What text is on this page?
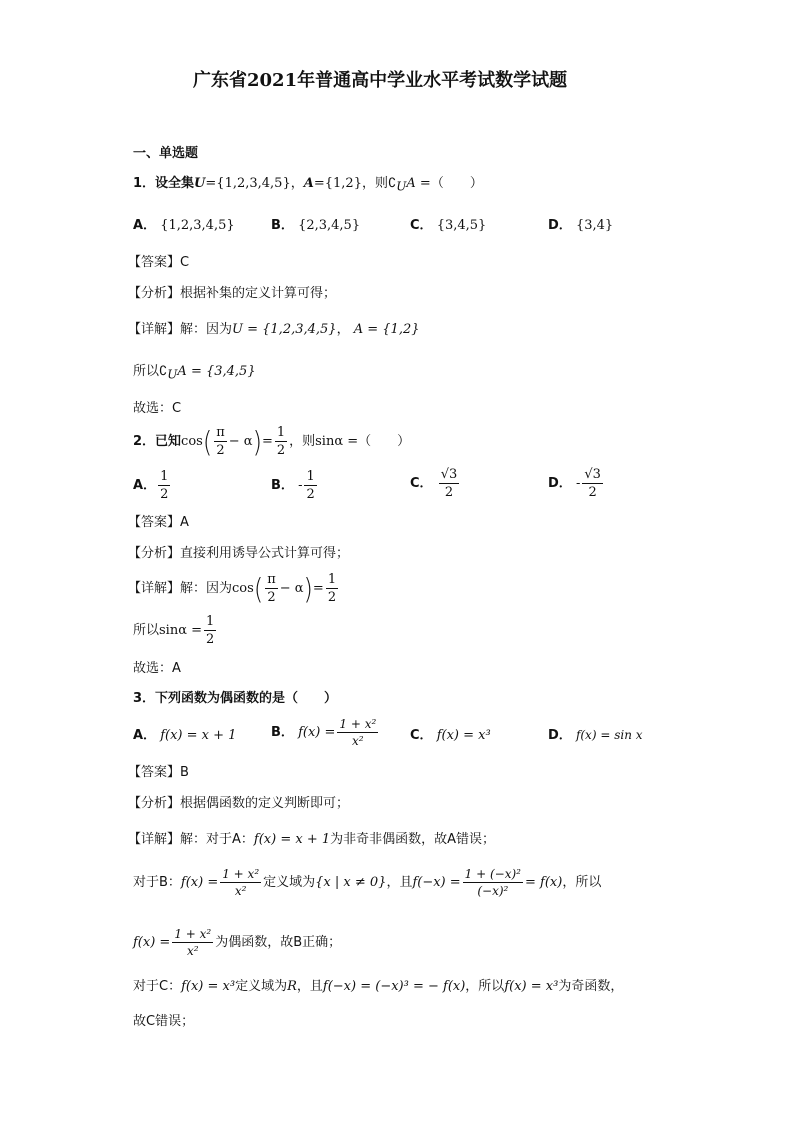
广东省2021年普通高中学业水平考试数学试题
一、单选题
1．设全集U={1,2,3,4,5}，A={1,2}，则$∁_UA$ =（　　）
A． {1,2,3,4,5}	B． {2,3,4,5}	C． {3,4,5}	D． {3,4}
【答案】C
【分析】根据补集的定义计算可得；
【详解】解：因为U = {1,2,3,4,5}， A = {1,2}
所以$∁_UA = \{3,4,5\}$
故选：C
2．已知$\cos( \frac{\pi}{2} - \alpha)= \frac{1}{2}$ ，则sinα =（　　）
A． $\frac{1}{2}$	B． - $\frac{1}{2}$	C． $\frac{√3}{2}$	D． - $\frac{√3}{2}$
【答案】A
【分析】直接利用诱导公式计算可得；
【详解】解：因为$\cos( \frac{\pi}{2} - \alpha)= \frac{1}{2}$
所以$\sin\alpha = \frac{1}{2}$
故选：A
3．下列函数为偶函数的是（　　）
A． f(x) = x + 1	B． $f(x) = \frac{\text{1 + x²}}{\text{x²}}$ C． f(x) = x³	D． f(x) = sin x
【答案】B
【分析】根据偶函数的定义判断即可；
【详解】解：对于A：f(x) = x + 1为非奇非偶函数，故A错误；
对于B：$f(x) = \frac{\text{1 + x²}}{\text{x²}}$ 定义域为{x | x ≠ 0}，且$f(-x) = \frac{\text{1 + (−x)²}}{\text{(−x)²}} = f(x)$，所以
$f(x) = \frac{\text{1 + x²}}{\text{x²}}$ 为偶函数，故B正确；
对于C：f(x) = x³定义域为R，且f(−x) = (−x)³ = − f(x)，所以f(x) = x³为奇函数，
故C错误；
